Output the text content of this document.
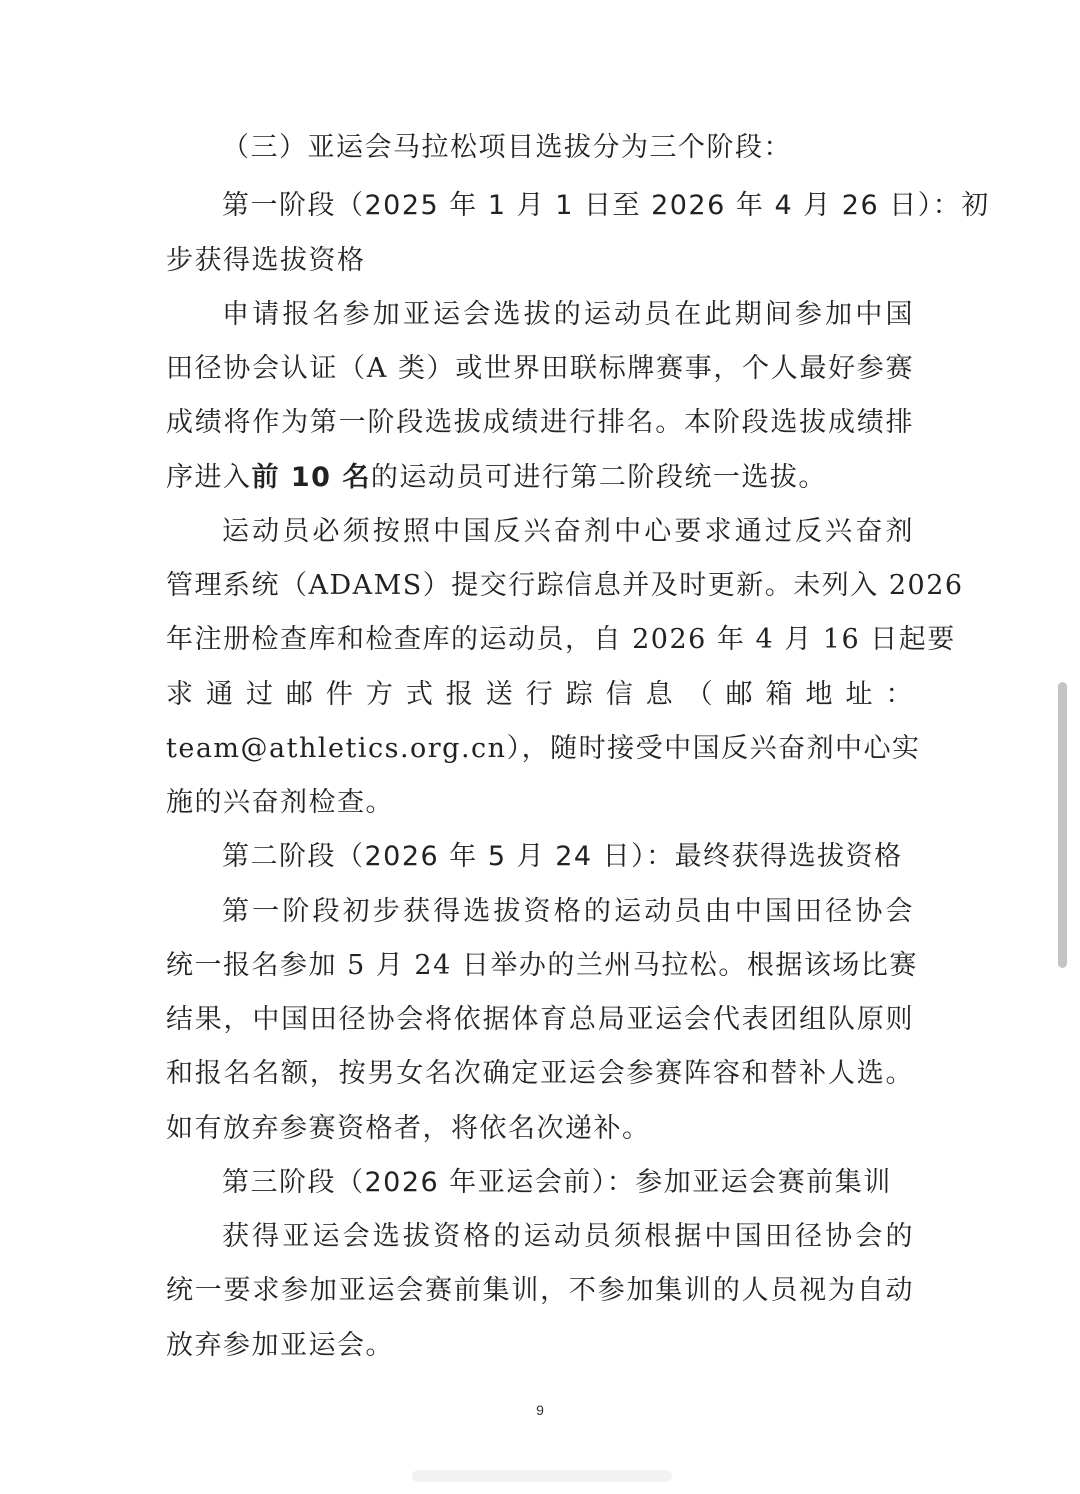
（三）亚运会马拉松项目选拔分为三个阶段：
第一阶段（2025 年 1 月 1 日至 2026 年 4 月 26 日）：初
步获得选拔资格
申请报名参加亚运会选拔的运动员在此期间参加中国
田径协会认证（A 类）或世界田联标牌赛事，个人最好参赛
成绩将作为第一阶段选拔成绩进行排名。本阶段选拔成绩排
序进入前 10 名的运动员可进行第二阶段统一选拔。
运动员必须按照中国反兴奋剂中心要求通过反兴奋剂
管理系统（ADAMS）提交行踪信息并及时更新。未列入 2026
年注册检查库和检查库的运动员，自 2026 年 4 月 16 日起要
求 通 过 邮 件 方 式 报 送 行 踪 信 息 （ 邮 箱 地 址 ：
team@athletics.org.cn），随时接受中国反兴奋剂中心实
施的兴奋剂检查。
第二阶段（2026 年 5 月 24 日）：最终获得选拔资格
第一阶段初步获得选拔资格的运动员由中国田径协会
统一报名参加 5 月 24 日举办的兰州马拉松。根据该场比赛
结果，中国田径协会将依据体育总局亚运会代表团组队原则
和报名名额，按男女名次确定亚运会参赛阵容和替补人选。
如有放弃参赛资格者，将依名次递补。
第三阶段（2026 年亚运会前）：参加亚运会赛前集训
获得亚运会选拔资格的运动员须根据中国田径协会的
统一要求参加亚运会赛前集训，不参加集训的人员视为自动
放弃参加亚运会。
9
